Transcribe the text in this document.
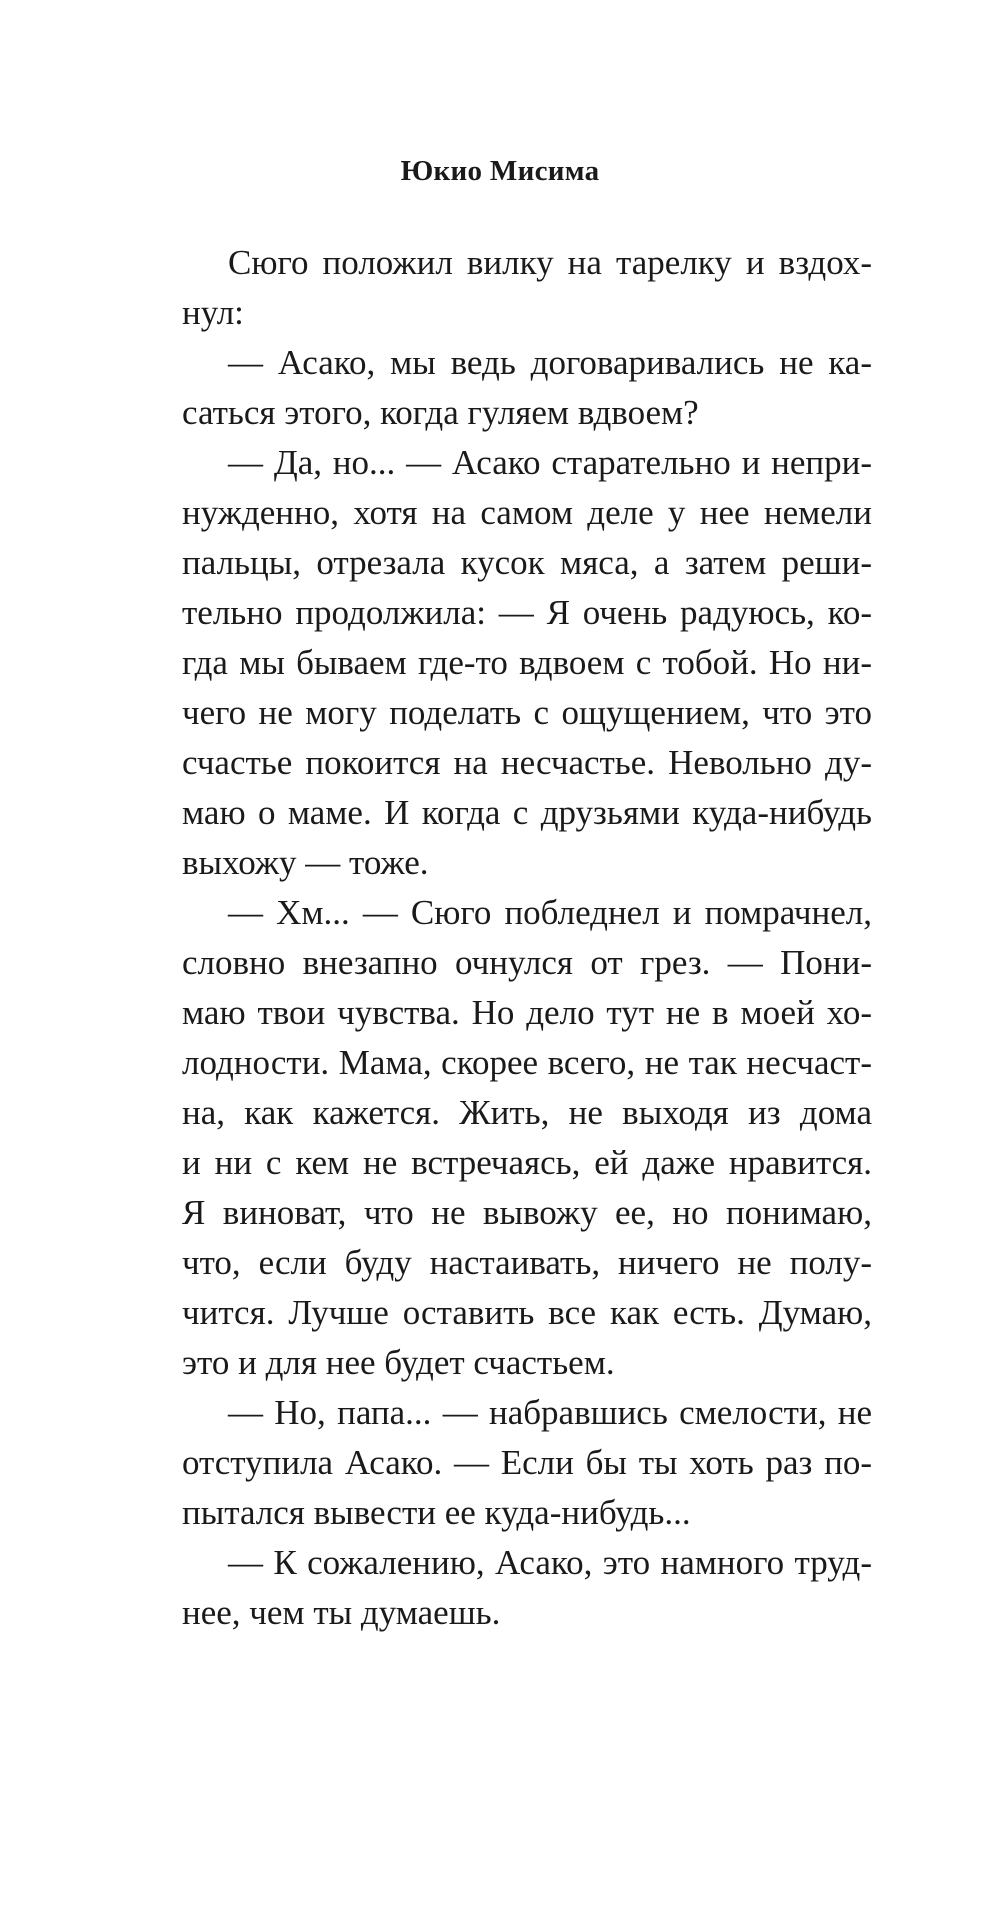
Юкио Мисима
Сюго положил вилку на тарелку и вздох-
нул:
— Асако, мы ведь договаривались не ка-
саться этого, когда гуляем вдвоем?
— Да, но... — Асако старательно и непри-
нужденно, хотя на самом деле у нее немели
пальцы, отрезала кусок мяса, а затем реши-
тельно продолжила: — Я очень радуюсь, ко-
гда мы бываем где-то вдвоем с тобой. Но ни-
чего не могу поделать с ощущением, что это
счастье покоится на несчастье. Невольно ду-
маю о маме. И когда с друзьями куда-нибудь
выхожу — тоже.
— Хм... — Сюго побледнел и помрачнел,
словно внезапно очнулся от грез. — Пони-
маю твои чувства. Но дело тут не в моей хо-
лодности. Мама, скорее всего, не так несчаст-
на, как кажется. Жить, не выходя из дома
и ни с кем не встречаясь, ей даже нравится.
Я виноват, что не вывожу ее, но понимаю,
что, если буду настаивать, ничего не полу-
чится. Лучше оставить все как есть. Думаю,
это и для нее будет счастьем.
— Но, папа... — набравшись смелости, не
отступила Асако. — Если бы ты хоть раз по-
пытался вывести ее куда-нибудь...
— К сожалению, Асако, это намного труд-
нее, чем ты думаешь.
